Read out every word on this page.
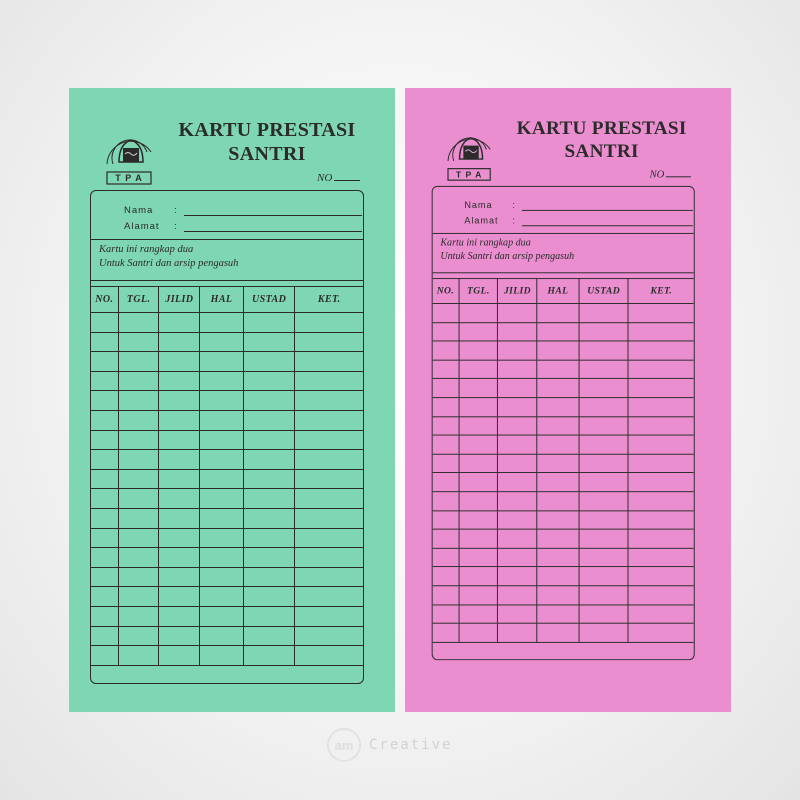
T P A
KARTU PRESTASI
SANTRI
NO
Nama :
Alamat :
Kartu ini rangkap dua
Untuk Santri dan arsip pengasuh
NO.	TGL.	JILID	HAL	USTAD	KET.

T P A
KARTU PRESTASI
SANTRI
NO
Nama :
Alamat :
Kartu ini rangkap dua
Untuk Santri dan arsip pengasuh
NO.	TGL.	JILID	HAL	USTAD	KET.

am	Creative
